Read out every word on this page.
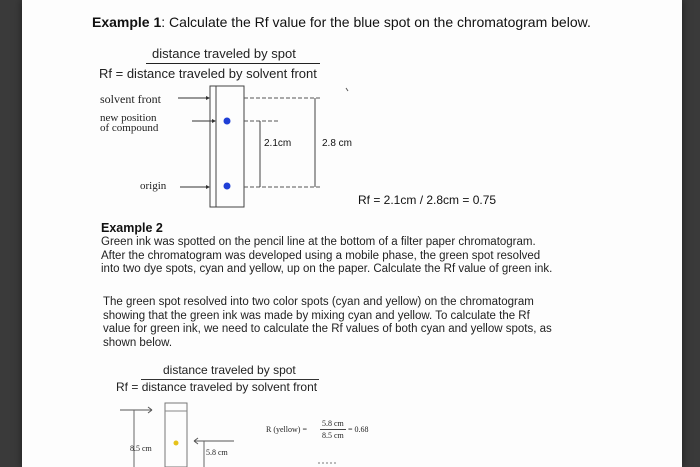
Example 1: Calculate the Rf value for the blue spot on the chromatogram below.
distance traveled by spot
Rf = distance traveled by solvent front
solvent front
new position
of compound
origin
2.1cm	2.8 cm
Rf = 2.1cm / 2.8cm = 0.75
Example 2
Green ink was spotted on the pencil line at the bottom of a filter paper chromatogram.
After the chromatogram was developed using a mobile phase, the green spot resolved
into two dye spots, cyan and yellow, up on the paper. Calculate the Rf value of green ink.
The green spot resolved into two color spots (cyan and yellow) on the chromatogram
showing that the green ink was made by mixing cyan and yellow. To calculate the Rf
value for green ink, we need to calculate the Rf values of both cyan and yellow spots, as
shown below.
distance traveled by spot
Rf = distance traveled by solvent front
R (yellow) =
5.8 cm
8.5 cm
= 0.68
8.5 cm	5.8 cm
